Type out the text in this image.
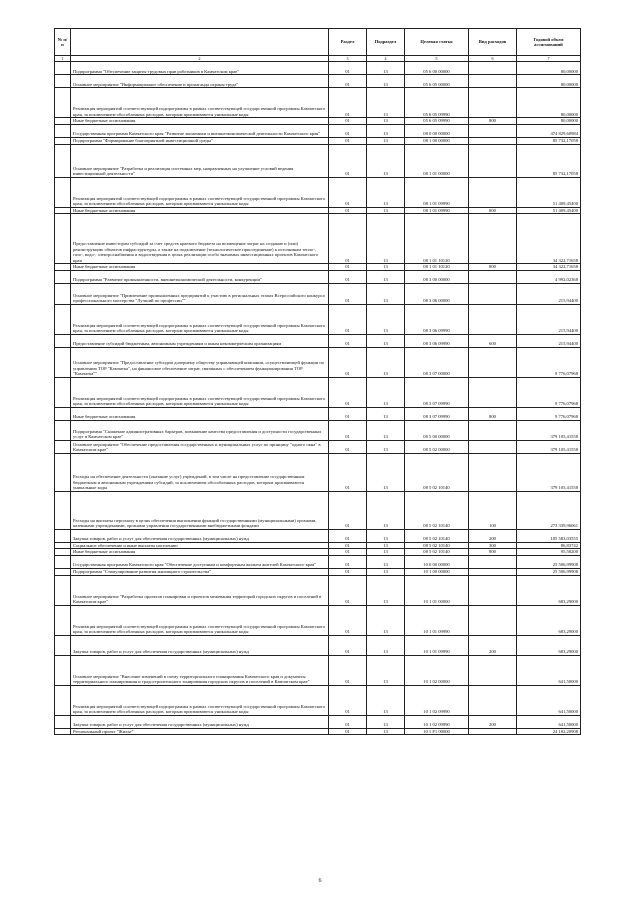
№ п/п		Раздел	Подраздел	Целевая статья	Вид расходов	Годовой объем ассигнований
1	2	3	4	5	6	7
	Подпрограмма "Обеспечение защиты трудовых прав работников в Камчатском крае"	01	13	05 6 00 00000		80,00000
	Основное мероприятие "Информационное обеспечение и пропаганда охраны труда"	01	13	05 6 05 00000		80,00000
	Реализация мероприятий соответствующей подпрограммы в рамках соответствующей государственной программы Камчатского края, за исключением обособленных расходов, которым присваиваются уникальные коды	01	13	05 6 05 09990		80,00000
	Иные бюджетные ассигнования	01	13	05 6 05 09990	800	80,00000
	Государственная программа Камчатского края "Развитие экономики и внешнеэкономической деятельности Камчатского края"	01	13	08 0 00 00000		474 829,60984
	Подпрограмма "Формирование благоприятной инвестиционной среды"	01	13	08 1 00 00000		85 732,17058
	Основное мероприятие "Разработка и реализация системных мер, направленных на улучшение условий ведения инвестиционной деятельности"	01	13	08 1 01 00000		85 732,17058
	Реализация мероприятий соответствующей подпрограммы в рамках соответствующей государственной программы Камчатского края, за исключением обособленных расходов, которым присваиваются уникальные коды	01	13	08 1 01 09990		51 409,45400
	Иные бюджетные ассигнования	01	13	08 1 01 09990	800	51 409,45400
	Предоставление инвесторам субсидий за счет средств краевого бюджета на возмещение затрат на создание и (или) реконструкцию объектов инфраструктуры, а также на подключение (технологическое присоединение) к источникам тепло-, газо-, водо-, электроснабжения и водоотведения в целях реализации особо значимых инвестиционных проектов Камчатского края	01	13	08 1 01 10120		34 322,71658
	Иные бюджетные ассигнования	01	13	08 1 01 10120	800	34 322,71658
	Подпрограмма "Развитие промышленности, внешнеэкономической деятельности, конкуренции"	01	13	08 3 00 00000		4 992,02368
	Основное мероприятие "Привлечение промышленных предприятий к участию в региональных этапах Всероссийского конкурса профессионального мастерства "Лучший по профессии""	01	13	08 3 06 00000		215,94400
	Реализация мероприятий соответствующей подпрограммы в рамках соответствующей государственной программы Камчатского края, за исключением обособленных расходов, которым присваиваются уникальные коды	01	13	08 3 06 09990		215,94400
	Предоставление субсидий бюджетным, автономным учреждениям и иным некоммерческим организациям	01	13	08 3 06 09990	600	215,94400
	Основное мероприятие "Предоставление субсидии дочернему обществу управляющей компании, осуществляющей функции по управлению ТОР "Камчатка", на финансовое обеспечение затрат, связанных с обеспечением функционирования ТОР "Камчатка""	01	13	08 3 07 00000		9 776,07968
	Реализация мероприятий соответствующей подпрограммы в рамках соответствующей государственной программы Камчатского края, за исключением обособленных расходов, которым присваиваются уникальные коды	01	13	08 3 07 09990		9 776,07968
	Иные бюджетные ассигнования	01	13	08 3 07 09990	800	9 776,07968
	Подпрограмма "Снижение административных барьеров, повышение качества предоставления и доступности государственных услуг в Камчатском крае"	01	13	08 5 00 00000		379 105,41558
	Основное мероприятие "Обеспечение предоставления государственных и муниципальных услуг по принципу "одного окна" в Камчатском крае"	01	13	08 5 02 00000		379 105,41558
	Расходы на обеспечение деятельности (оказание услуг) учреждений, в том числе на предоставление государственным бюджетным и автономным учреждениям субсидий, за исключением обособленных расходов, которым присваиваются уникальные коды	01	13	08 5 02 10140		379 105,41558
	Расходы на выплаты персоналу в целях обеспечения выполнения функций государственными (муниципальными) органами, казенными учреждениями, органами управления государственными внебюджетными фондами	01	13	08 5 02 10140	100	273 339,96061
	Закупка товаров, работ и услуг для обеспечения государственных (муниципальных) нужд	01	13	08 5 02 10140	200	105 583,03555
	Социальное обеспечение и иные выплаты населению	01	13	08 5 02 10140	300	86,83742
	Иные бюджетные ассигнования	01	13	08 5 02 10140	800	95,58200
	Государственная программа Камчатского края "Обеспечение доступным и комфортным жильем жителей Камчатского края"	01	13	10 0 00 00000		25 506,99908
	Подпрограмма "Стимулирование развития жилищного строительства"	01	13	10 1 00 00000		25 506,99908
	Основное мероприятие "Разработка проектов планировки и проектов межевания территорий городских округов и поселений в Камчатском крае"	01	13	10 1 01 00000		683,29000
	Реализация мероприятий соответствующей подпрограммы в рамках соответствующей государственной программы Камчатского края, за исключением обособленных расходов, которым присваиваются уникальные коды	01	13	10 1 01 09990		683,29000
	Закупка товаров, работ и услуг для обеспечения государственных (муниципальных) нужд	01	13	10 1 01 09990	200	683,29000
	Основное мероприятие "Внесение изменений в схему территориального планирования Камчатского края и документы территориального планирования и градостроительного зонирования городских округов и поселений в Камчатском крае"	01	13	10 1 02 00000		641,50000
	Реализация мероприятий соответствующей подпрограммы в рамках соответствующей государственной программы Камчатского края, за исключением обособленных расходов, которым присваиваются уникальные коды	01	13	10 1 02 09990		641,50000
	Закупка товаров, работ и услуг для обеспечения государственных (муниципальных) нужд	01	13	10 1 02 09990	200	641,50000
	Региональный проект "Жилье"	01	13	10 1 F1 00000		24 182,20908
6
